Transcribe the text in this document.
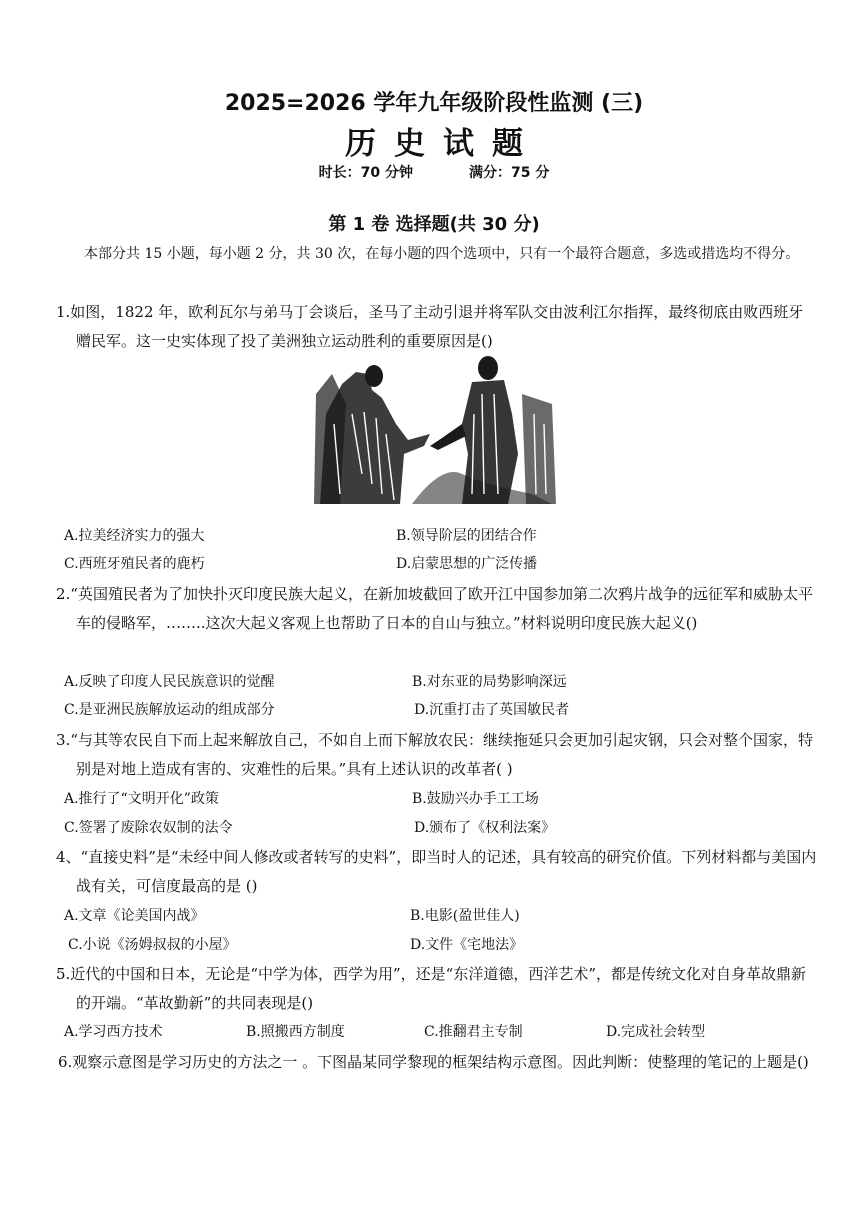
2025=2026 学年九年级阶段性监测 (三)
历史试题
时长：70 分钟	满分：75 分
第 1 卷 选择题(共 30 分)
本部分共 15 小题，每小题 2 分，共 30 次，在每小题的四个选项中，只有一个最符合题意，多选或措选均不得分。
1.如图，1822 年，欧利瓦尔与弟马丁会谈后，圣马了主动引退并将军队交由波利江尔指挥，最终彻底由败西班牙赠民军。这一史实体现了投了美洲独立运动胜利的重要原因是()
A.拉美经济实力的强大	B.领导阶层的团结合作
C.西班牙殖民者的鹿朽	D.启蒙思想的广泛传播
2.“英国殖民者为了加快扑灭印度民族大起义，在新加坡截回了欧开江中国参加第二次鸦片战争的远征军和威胁太平车的侵略军，……..这次大起义客观上也帮助了日本的自山与独立。”材料说明印度民族大起义()
A.反映了印度人民民族意识的觉醒	B.对东亚的局势影响深远
C.是亚洲民族解放运动的组成部分	D.沉重打击了英国敏民者
3.“与其等农民自下而上起来解放自己，不如自上而下解放农民：继续拖延只会更加引起灾钢，只会对整个国家，特别是对地上造成有害的、灾难性的后果。”具有上述认识的改革者( )
A.推行了“文明开化”政策	B.鼓励兴办手工工场
C.签署了废除农奴制的法令	D.颁布了《权利法案》
4、“直接史料”是“未经中间人修改或者转写的史料”，即当时人的记述，具有较高的研究价值。下列材料都与美国内战有关，可信度最高的是 ()
A.文章《论美国内战》	B.电影(盈世佳人)
C.小说《汤姆叔叔的小屋》	D.文件《宅地法》
5.近代的中国和日本，无论是“中学为体，西学为用”，还是“东洋道德，西洋艺术”，都是传统文化对自身革故鼎新的开端。“革故勤新”的共同表现是()
A.学习西方技术	B.照搬西方制度	C.推翻君主专制	D.完成社会转型
6.观察示意图是学习历史的方法之一 。下图晶某同学黎现的框架结构示意图。因此判断：使整理的笔记的上题是()
